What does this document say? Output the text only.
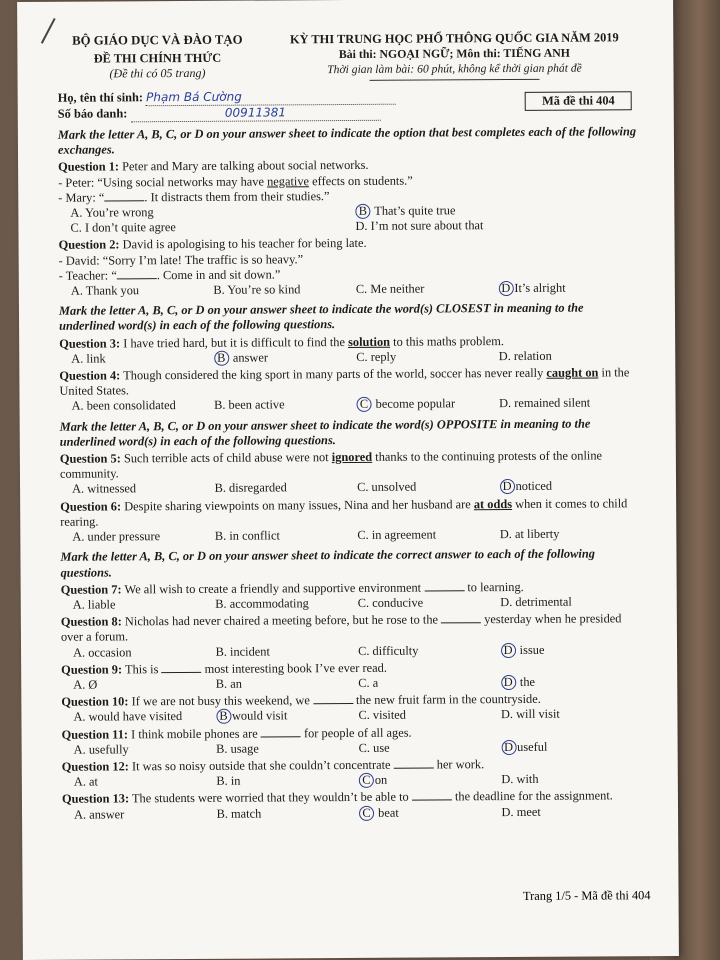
BỘ GIÁO DỤC VÀ ĐÀO TẠO
ĐỀ THI CHÍNH THỨC
(Đề thi có 05 trang)
KỲ THI TRUNG HỌC PHỔ THÔNG QUỐC GIA NĂM 2019
Bài thi: NGOẠI NGỮ; Môn thi: TIẾNG ANH
Thời gian làm bài: 60 phút, không kể thời gian phát đề
Họ, tên thí sinh: Phạm Bá Cường
Số báo danh:	00911381
Mã đề thi 404
Mark the letter A, B, C, or D on your answer sheet to indicate the option that best completes each of the following exchanges.
Question 1: Peter and Mary are talking about social networks.
- Peter: “Using social networks may have negative effects on students.”
- Mary: “	. It distracts them from their studies.”
A. You’re wrong	B That’s quite true
C. I don’t quite agree	D. I’m not sure about that
Question 2: David is apologising to his teacher for being late.
- David: “Sorry I’m late! The traffic is so heavy.”
- Teacher: “	. Come in and sit down.”
A. Thank you	B. You’re so kind	C. Me neither	D It’s alright
Mark the letter A, B, C, or D on your answer sheet to indicate the word(s) CLOSEST in meaning to the underlined word(s) in each of the following questions.
Question 3: I have tried hard, but it is difficult to find the solution to this maths problem.
A. link	B answer	C. reply	D. relation
Question 4: Though considered the king sport in many parts of the world, soccer has never really caught on in the United States.
A. been consolidated	B. been active	C become popular	D. remained silent
Mark the letter A, B, C, or D on your answer sheet to indicate the word(s) OPPOSITE in meaning to the underlined word(s) in each of the following questions.
Question 5: Such terrible acts of child abuse were not ignored thanks to the continuing protests of the online community.
A. witnessed	B. disregarded	C. unsolved	D noticed
Question 6: Despite sharing viewpoints on many issues, Nina and her husband are at odds when it comes to child rearing.
A. under pressure	B. in conflict	C. in agreement	D. at liberty
Mark the letter A, B, C, or D on your answer sheet to indicate the correct answer to each of the following questions.
Question 7: We all wish to create a friendly and supportive environment	to learning.
A. liable	B. accommodating	C. conducive	D. detrimental
Question 8: Nicholas had never chaired a meeting before, but he rose to the	yesterday when he presided over a forum.
A. occasion	B. incident	C. difficulty	D issue
Question 9: This is	most interesting book I’ve ever read.
A. Ø	B. an	C. a	D the
Question 10: If we are not busy this weekend, we	the new fruit farm in the countryside.
A. would have visited	B would visit	C. visited	D. will visit
Question 11: I think mobile phones are	for people of all ages.
A. usefully	B. usage	C. use	D useful
Question 12: It was so noisy outside that she couldn’t concentrate	her work.
A. at	B. in	C on	D. with
Question 13: The students were worried that they wouldn’t be able to	the deadline for the assignment.
A. answer	B. match	C beat	D. meet
Trang 1/5 - Mã đề thi 404
